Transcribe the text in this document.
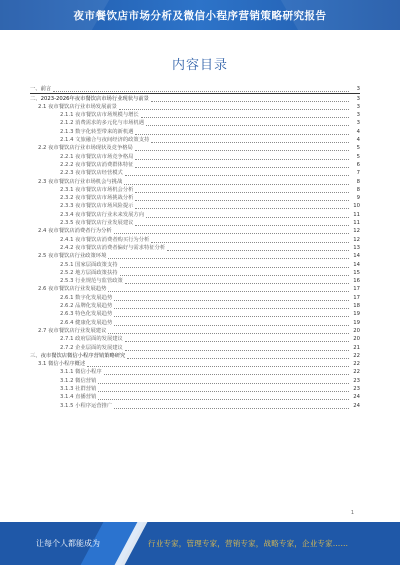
夜市餐饮店市场分析及微信小程序营销策略研究报告
内容目录
一、前言	3
二、2023-2026年夜市餐饮店市场行业现状与前景	3
2.1 夜市餐饮店行业市场发展前景	3
2.1.1 夜市餐饮店市场规模与增长	3
2.1.2 消费需求的多元化与市场机遇	3
2.1.3 数字化转型带来的新机遇	4
2.1.4 文旅融合与夜间经济的政策支持	4
2.2 夜市餐饮店行业市场现状及竞争格局	5
2.2.1 夜市餐饮店市场竞争格局	5
2.2.2 夜市餐饮店消费群体特征	6
2.2.3 夜市餐饮店经营模式	7
2.3 夜市餐饮店行业市场机会与挑战	8
2.3.1 夜市餐饮店市场机会分析	8
2.3.2 夜市餐饮店市场挑战分析	9
2.3.3 夜市餐饮店市场风险提示	10
2.3.4 夜市餐饮店行业未来发展方向	11
2.3.5 夜市餐饮店行业发展建议	11
2.4 夜市餐饮店消费者行为分析	12
2.4.1 夜市餐饮店消费者购买行为分析	12
2.4.2 夜市餐饮店消费者偏好与需求特征分析	13
2.5 夜市餐饮店行业政策环境	14
2.5.1 国家层面政策支持	14
2.5.2 地方层面政策扶持	15
2.5.3 行业规范与监管政策	16
2.6 夜市餐饮店行业发展趋势	17
2.6.1 数字化发展趋势	17
2.6.2 品牌化发展趋势	18
2.6.3 特色化发展趋势	19
2.6.4 健康化发展趋势	19
2.7 夜市餐饮店行业发展建议	20
2.7.1 政府层面的发展建议	20
2.7.2 企业层面的发展建议	21
三、夜市餐饮店微信小程序营销策略研究	22
3.1 微信小程序概述	22
3.1.1 微信小程序	22
3.1.2 微信营销	23
3.1.3 社群营销	23
3.1.4 直播营销	24
3.1.5 小程序运营推广	24
1
让每个人都能成为	行业专家，管理专家，营销专家，战略专家，企业专家……
